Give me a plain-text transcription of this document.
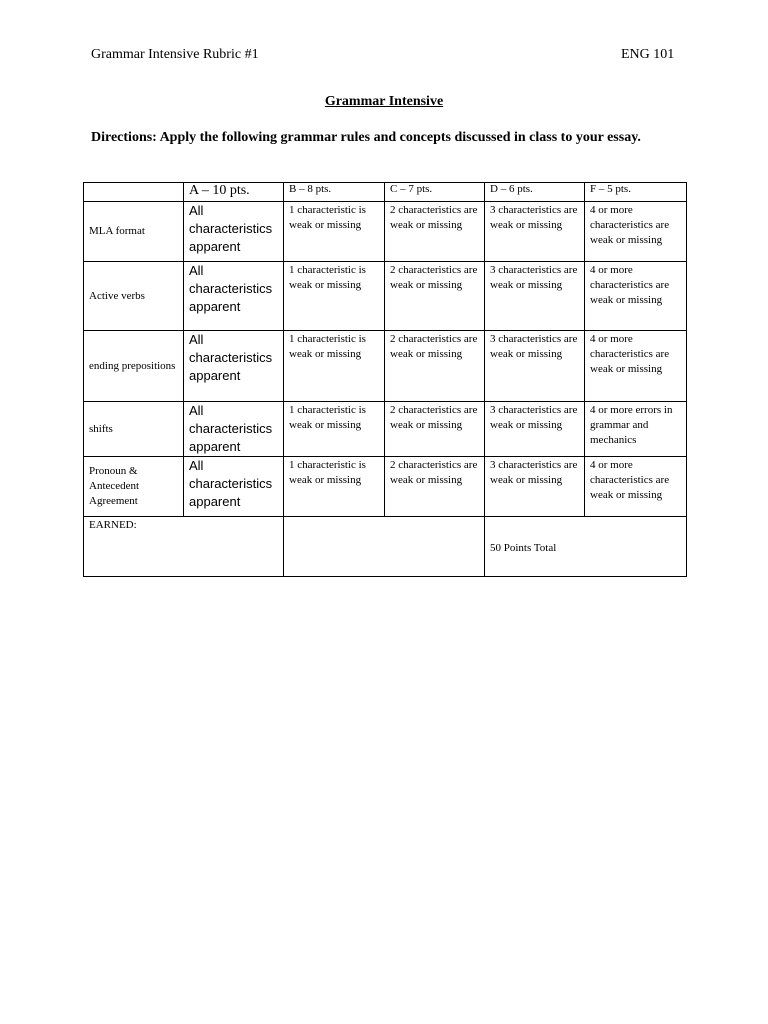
Grammar Intensive Rubric #1	ENG 101
Grammar Intensive
Directions: Apply the following grammar rules and concepts discussed in class to your essay.
	A – 10 pts.	B – 8 pts.	C – 7 pts.	D – 6 pts.	F – 5 pts.
MLA format	All characteristics apparent	1 characteristic is weak or missing	2 characteristics are weak or missing	3 characteristics are weak or missing	4 or more characteristics are weak or missing
Active verbs	All characteristics apparent	1 characteristic is weak or missing	2 characteristics are weak or missing	3 characteristics are weak or missing	4 or more characteristics are weak or missing
ending prepositions	All characteristics apparent	1 characteristic is weak or missing	2 characteristics are weak or missing	3 characteristics are weak or missing	4 or more characteristics are weak or missing
shifts	All characteristics apparent	1 characteristic is weak or missing	2 characteristics are weak or missing	3 characteristics are weak or missing	4 or more errors in grammar and mechanics
Pronoun & Antecedent Agreement	All characteristics apparent	1 characteristic is weak or missing	2 characteristics are weak or missing	3 characteristics are weak or missing	4 or more characteristics are weak or missing
EARNED:				50 Points Total	
